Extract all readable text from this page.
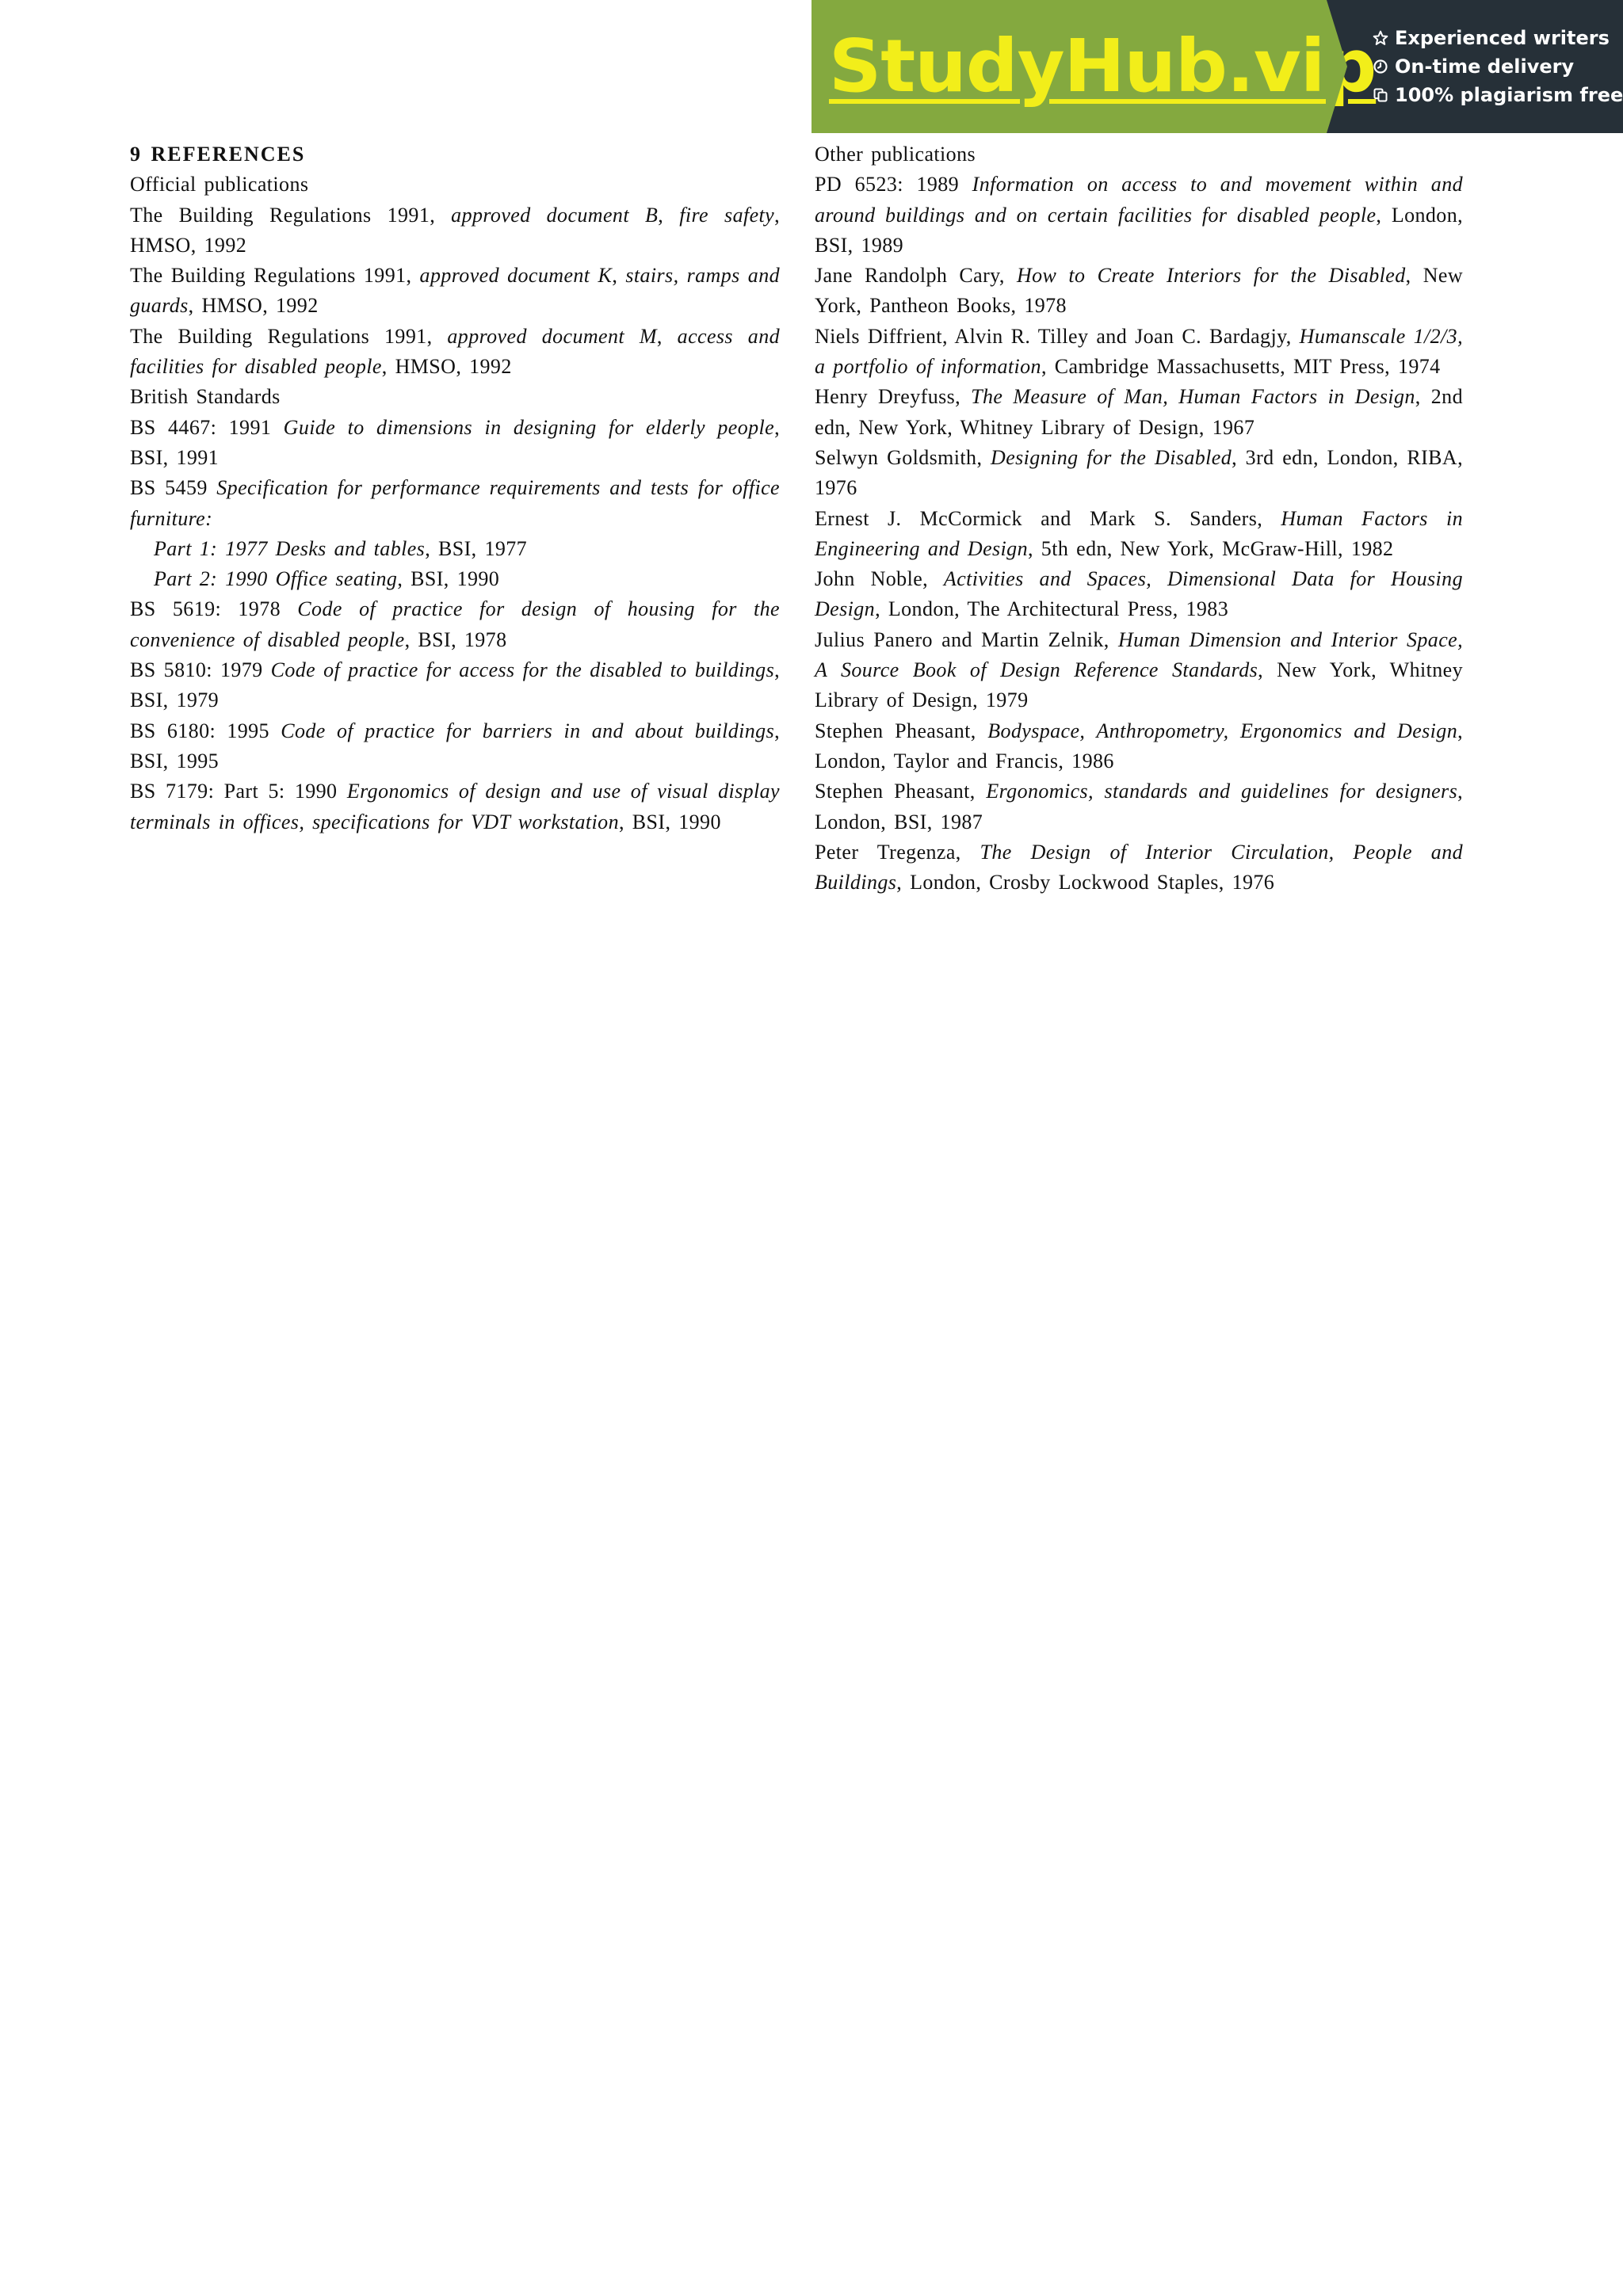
StudyHub.vip Experienced writers
On-time delivery
100% plagiarism free
9 REFERENCES
Official publications
The Building Regulations 1991, approved document B, fire safety, HMSO, 1992
The Building Regulations 1991, approved document K, stairs, ramps and guards, HMSO, 1992
The Building Regulations 1991, approved document M, access and facilities for disabled people, HMSO, 1992
British Standards
BS 4467: 1991 Guide to dimensions in designing for elderly people, BSI, 1991
BS 5459 Specification for performance requirements and tests for office furniture:
Part 1: 1977 Desks and tables, BSI, 1977
Part 2: 1990 Office seating, BSI, 1990
BS 5619: 1978 Code of practice for design of housing for the convenience of disabled people, BSI, 1978
BS 5810: 1979 Code of practice for access for the disabled to buildings, BSI, 1979
BS 6180: 1995 Code of practice for barriers in and about buildings, BSI, 1995
BS 7179: Part 5: 1990 Ergonomics of design and use of visual display terminals in offices, specifications for VDT workstation, BSI, 1990
Other publications
PD 6523: 1989 Information on access to and movement within and around buildings and on certain facilities for disabled people, London, BSI, 1989
Jane Randolph Cary, How to Create Interiors for the Disabled, New York, Pantheon Books, 1978
Niels Diffrient, Alvin R. Tilley and Joan C. Bardagjy, Humanscale 1/2/3, a portfolio of information, Cambridge Massachusetts, MIT Press, 1974
Henry Dreyfuss, The Measure of Man, Human Factors in Design, 2nd edn, New York, Whitney Library of Design, 1967
Selwyn Goldsmith, Designing for the Disabled, 3rd edn, London, RIBA, 1976
Ernest J. McCormick and Mark S. Sanders, Human Factors in Engineering and Design, 5th edn, New York, McGraw-Hill, 1982
John Noble, Activities and Spaces, Dimensional Data for Housing Design, London, The Architectural Press, 1983
Julius Panero and Martin Zelnik, Human Dimension and Interior Space, A Source Book of Design Reference Standards, New York, Whitney Library of Design, 1979
Stephen Pheasant, Bodyspace, Anthropometry, Ergonomics and Design, London, Taylor and Francis, 1986
Stephen Pheasant, Ergonomics, standards and guidelines for designers, London, BSI, 1987
Peter Tregenza, The Design of Interior Circulation, People and Buildings, London, Crosby Lockwood Staples, 1976
